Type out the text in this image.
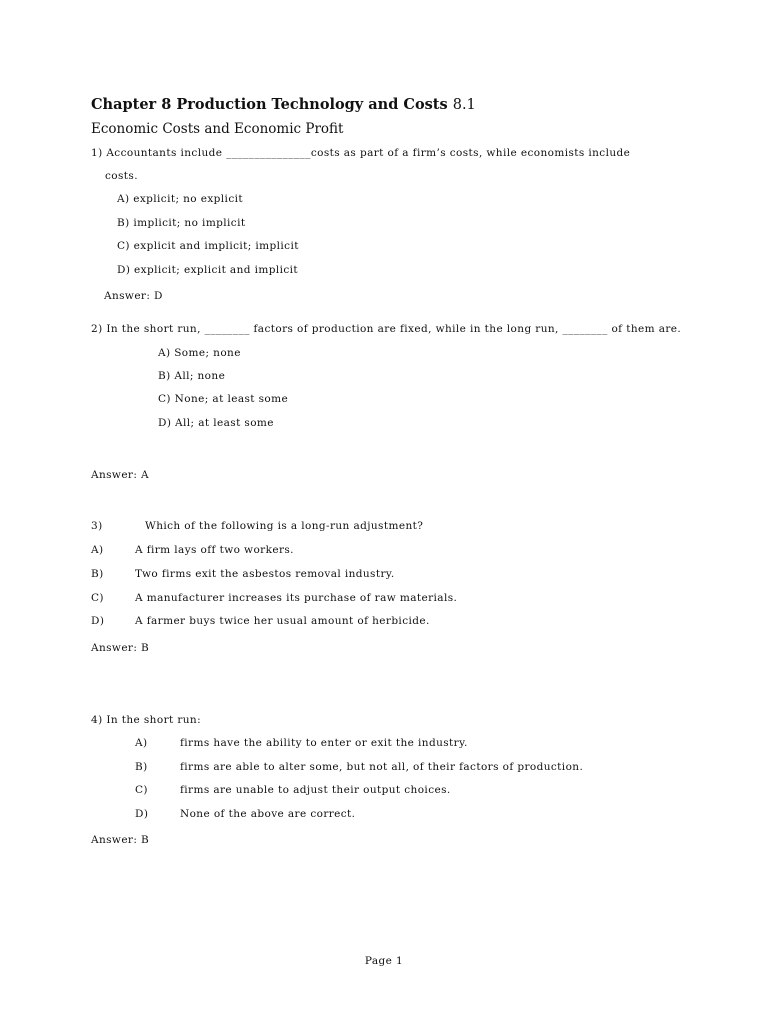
Chapter 8 Production Technology and Costs 8.1
Economic Costs and Economic Profit
1) Accountants include _______________costs as part of a firm’s costs, while economists include
costs.
A) explicit; no explicit
B) implicit; no implicit
C) explicit and implicit; implicit
D) explicit; explicit and implicit
Answer: D
2) In the short run, ________ factors of production are fixed, while in the long run, ________ of them are.
A) Some; none
B) All; none
C) None; at least some
D) All; at least some
Answer: A
3)	Which of the following is a long-run adjustment?
A)	A firm lays off two workers.
B)	Two firms exit the asbestos removal industry.
C)	A manufacturer increases its purchase of raw materials.
D)	A farmer buys twice her usual amount of herbicide.
Answer: B
4) In the short run:
A)	firms have the ability to enter or exit the industry.
B)	firms are able to alter some, but not all, of their factors of production.
C)	firms are unable to adjust their output choices.
D)	None of the above are correct.
Answer: B
Page 1
